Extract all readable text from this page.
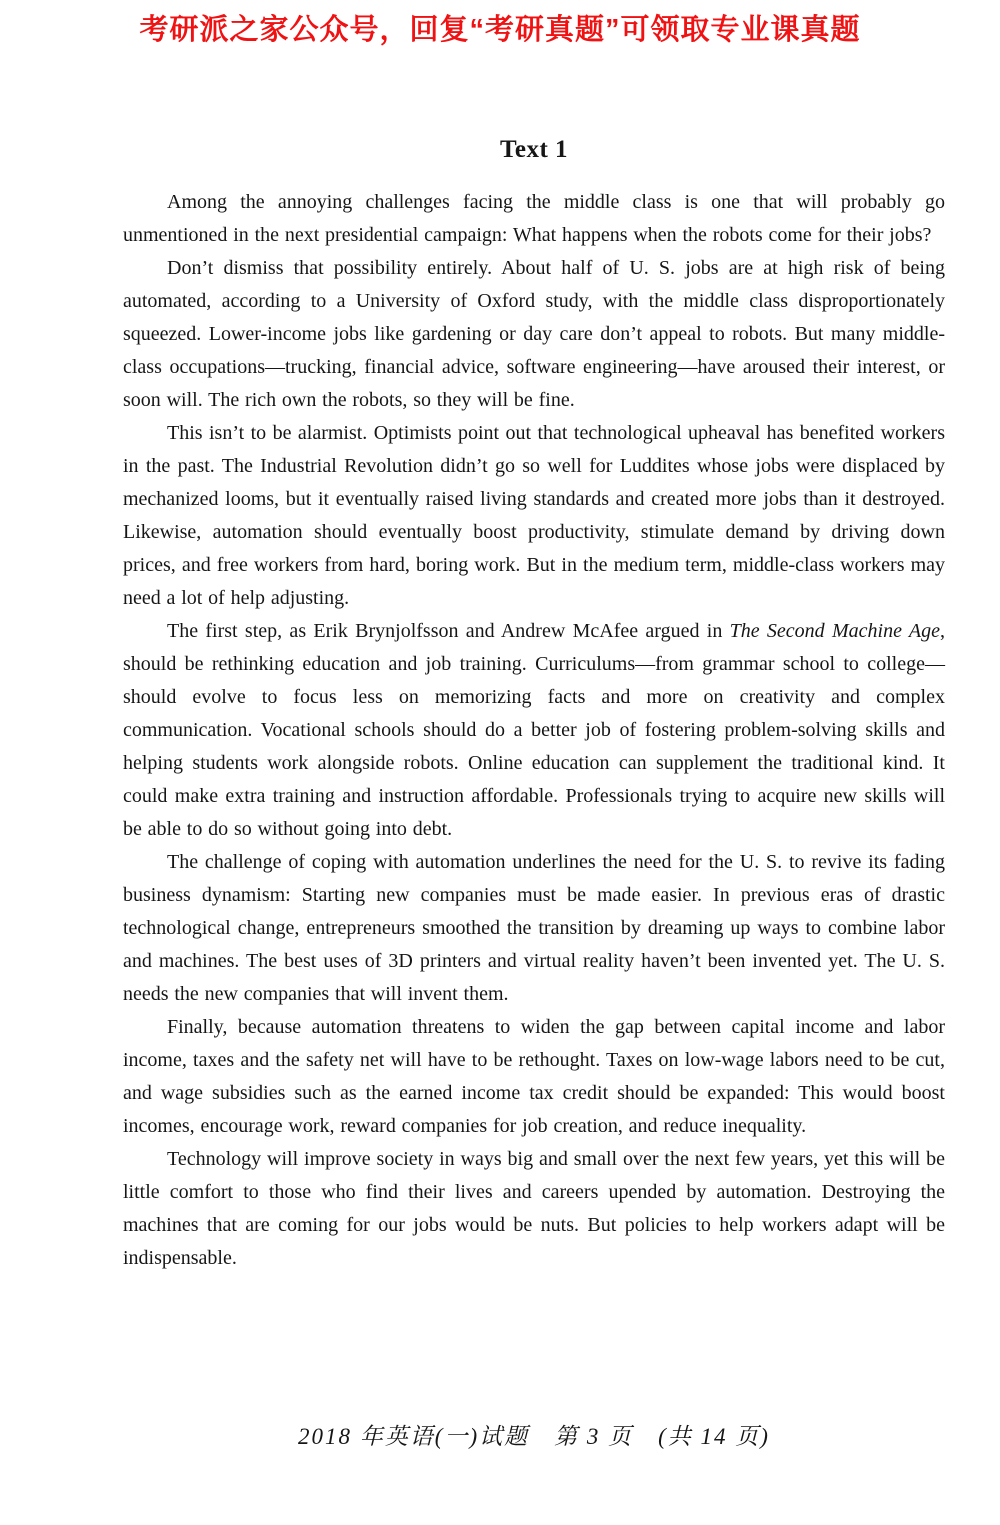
考研派之家公众号，回复“考研真题”可领取专业课真题
Text 1

Among the annoying challenges facing the middle class is one that will probably go unmentioned in the next presidential campaign: What happens when the robots come for their jobs?

Don’t dismiss that possibility entirely. About half of U. S. jobs are at high risk of being automated, according to a University of Oxford study, with the middle class disproportionately squeezed. Lower-income jobs like gardening or day care don’t appeal to robots. But many middle-class occupations—trucking, financial advice, software engineering—have aroused their interest, or soon will. The rich own the robots, so they will be fine.

This isn’t to be alarmist. Optimists point out that technological upheaval has benefited workers in the past. The Industrial Revolution didn’t go so well for Luddites whose jobs were displaced by mechanized looms, but it eventually raised living standards and created more jobs than it destroyed. Likewise, automation should eventually boost productivity, stimulate demand by driving down prices, and free workers from hard, boring work. But in the medium term, middle-class workers may need a lot of help adjusting.

The first step, as Erik Brynjolfsson and Andrew McAfee argued in The Second Machine Age, should be rethinking education and job training. Curriculums—from grammar school to college—should evolve to focus less on memorizing facts and more on creativity and complex communication. Vocational schools should do a better job of fostering problem-solving skills and helping students work alongside robots. Online education can supplement the traditional kind. It could make extra training and instruction affordable. Professionals trying to acquire new skills will be able to do so without going into debt.

The challenge of coping with automation underlines the need for the U. S. to revive its fading business dynamism: Starting new companies must be made easier. In previous eras of drastic technological change, entrepreneurs smoothed the transition by dreaming up ways to combine labor and machines. The best uses of 3D printers and virtual reality haven’t been invented yet. The U. S. needs the new companies that will invent them.

Finally, because automation threatens to widen the gap between capital income and labor income, taxes and the safety net will have to be rethought. Taxes on low-wage labors need to be cut, and wage subsidies such as the earned income tax credit should be expanded: This would boost incomes, encourage work, reward companies for job creation, and reduce inequality.

Technology will improve society in ways big and small over the next few years, yet this will be little comfort to those who find their lives and careers upended by automation. Destroying the machines that are coming for our jobs would be nuts. But policies to help workers adapt will be indispensable.

2018 年英语(一)试题　第 3 页　(共 14 页)
